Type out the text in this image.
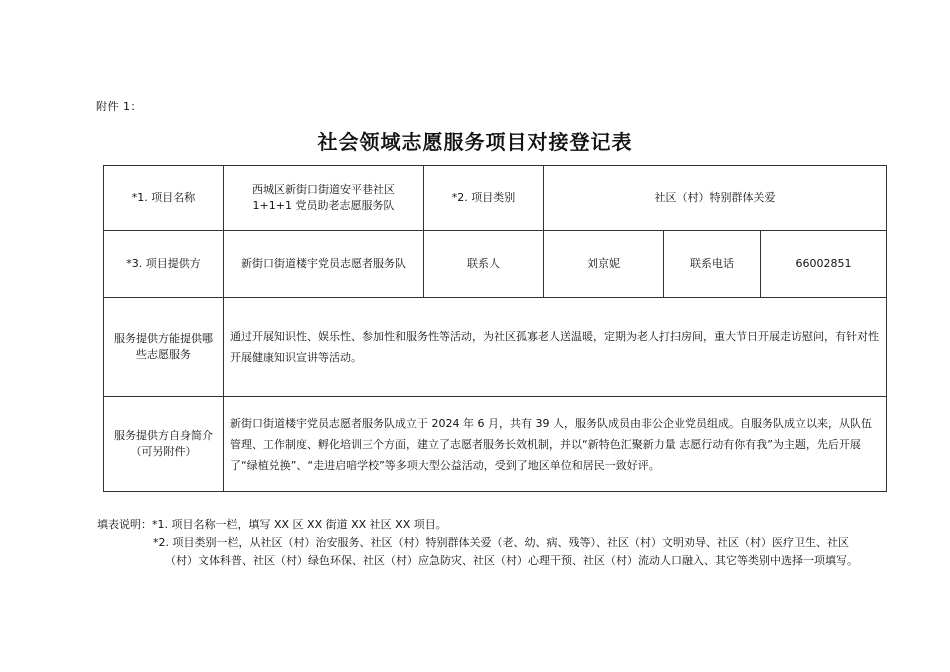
附件 1：
社会领域志愿服务项目对接登记表
*1. 项目名称	西城区新街口街道安平巷社区 1+1+1 党员助老志愿服务队	*2. 项目类别	社区（村）特别群体关爱		
*3. 项目提供方	新街口街道楼宇党员志愿者服务队	联系人	刘京妮	联系电话	66002851
服务提供方能提供哪些志愿服务	通过开展知识性、娱乐性、参加性和服务性等活动，为社区孤寡老人送温暖，定期为老人打扫房间，重大节日开展走访慰问，有针对性开展健康知识宣讲等活动。				

服务提供方自身简介
（可另附件）	新街口街道楼宇党员志愿者服务队成立于 2024 年 6 月，共有 39 人，服务队成员由非公企业党员组成。自服务队成立以来，从队伍管理、工作制度、孵化培训三个方面，建立了志愿者服务长效机制，并以“新特色汇聚新力量 志愿行动有你有我”为主题，先后开展了“绿植兑换”、“走进启喑学校”等多项大型公益活动，受到了地区单位和居民一致好评。				
填表说明：*1. 项目名称一栏，填写 XX 区 XX 街道 XX 社区 XX 项目。
*2. 项目类别一栏，从社区（村）治安服务、社区（村）特别群体关爱（老、幼、病、残等）、社区（村）文明劝导、社区（村）医疗卫生、社区
（村）文体科普、社区（村）绿色环保、社区（村）应急防灾、社区（村）心理干预、社区（村）流动人口融入、其它等类别中选择一项填写。
